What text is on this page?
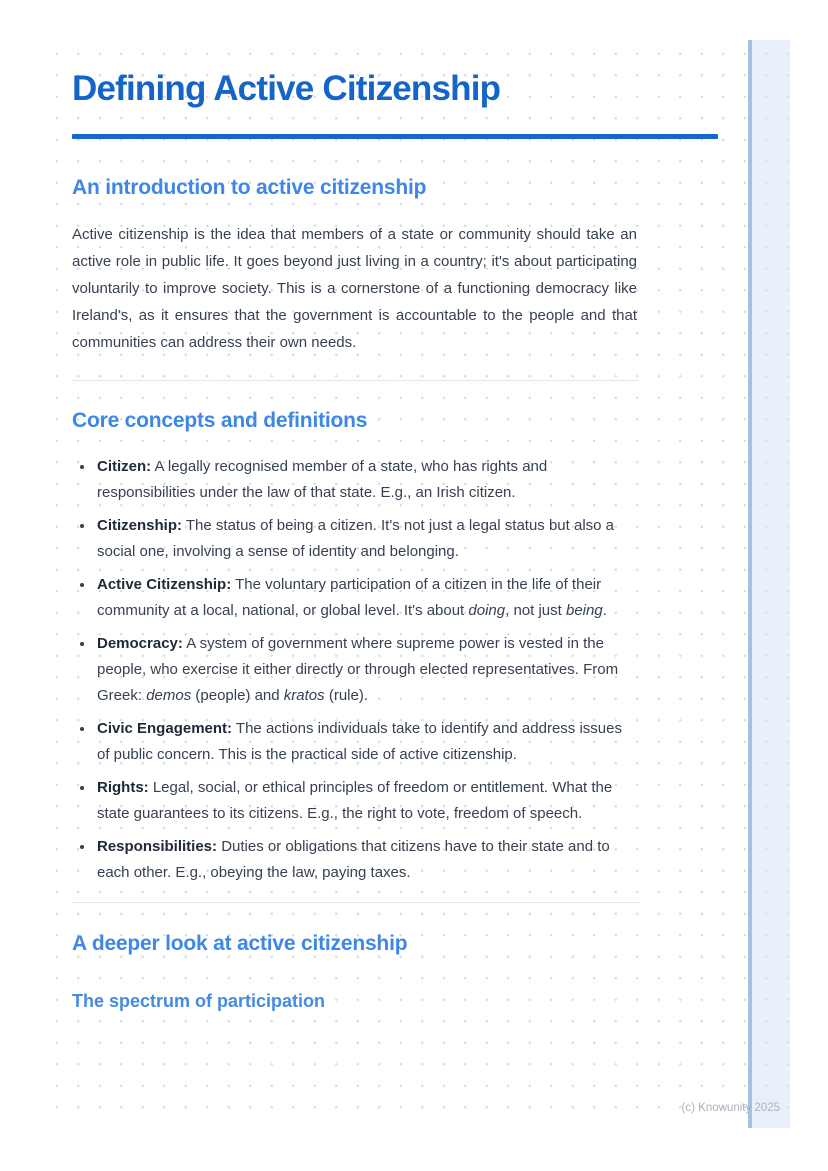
Defining Active Citizenship
An introduction to active citizenship

Active citizenship is the idea that members of a state or community should take an active role in public life. It goes beyond just living in a country; it's about participating voluntarily to improve society. This is a cornerstone of a functioning democracy like Ireland's, as it ensures that the government is accountable to the people and that communities can address their own needs.

Core concepts and definitions
• Citizen: A legally recognised member of a state, who has rights and responsibilities under the law of that state. E.g., an Irish citizen.
• Citizenship: The status of being a citizen. It's not just a legal status but also a social one, involving a sense of identity and belonging.
• Active Citizenship: The voluntary participation of a citizen in the life of their community at a local, national, or global level. It's about doing, not just being.
• Democracy: A system of government where supreme power is vested in the people, who exercise it either directly or through elected representatives. From Greek: demos (people) and kratos (rule).
• Civic Engagement: The actions individuals take to identify and address issues of public concern. This is the practical side of active citizenship.
• Rights: Legal, social, or ethical principles of freedom or entitlement. What the state guarantees to its citizens. E.g., the right to vote, freedom of speech.
• Responsibilities: Duties or obligations that citizens have to their state and to each other. E.g., obeying the law, paying taxes.
A deeper look at active citizenship
The spectrum of participation
(c) Knowunity 2025
